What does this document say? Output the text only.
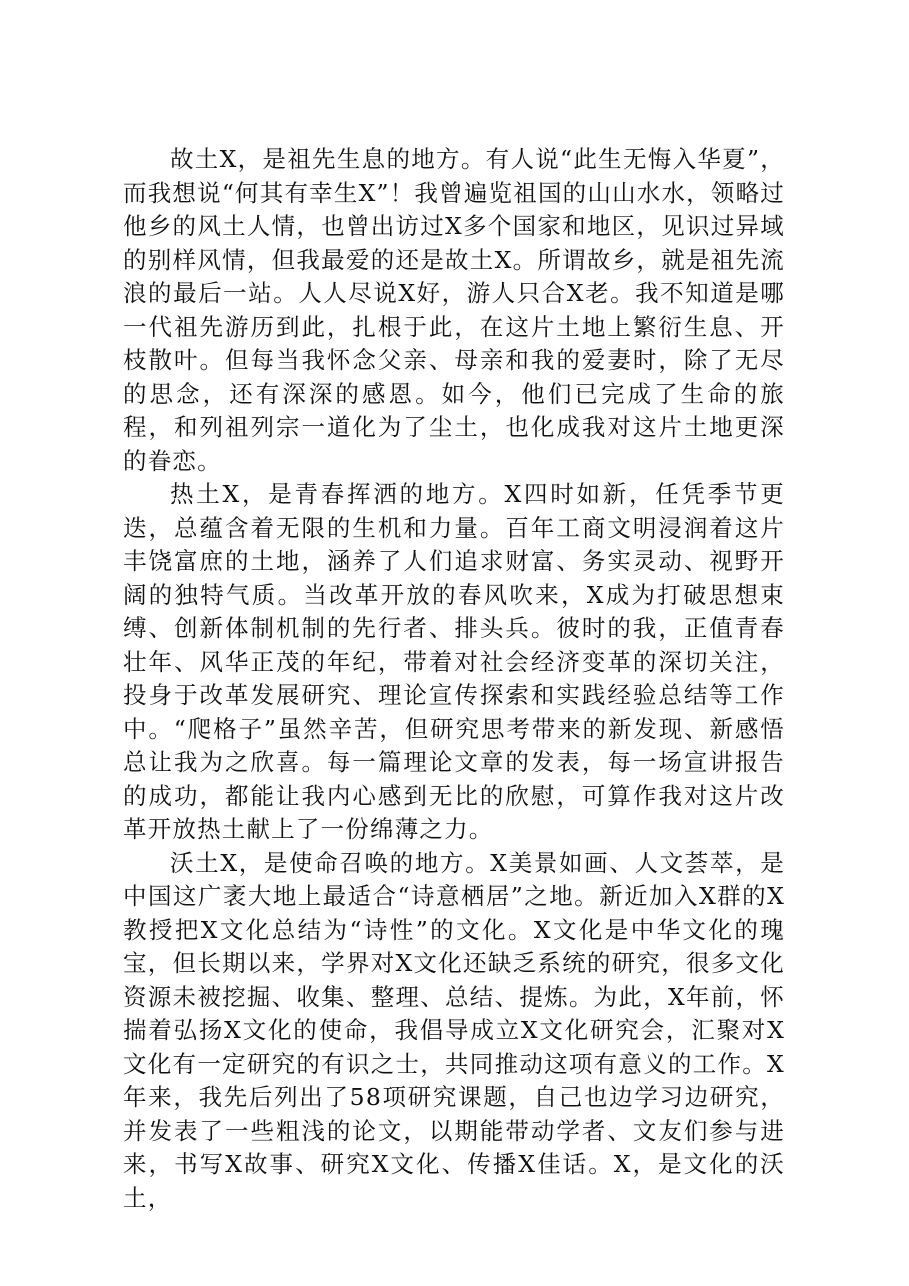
故土X，是祖先生息的地方。有人说“此生无悔入华夏”，而我想说“何其有幸生X”！我曾遍览祖国的山山水水，领略过他乡的风土人情，也曾出访过X多个国家和地区，见识过异域的别样风情，但我最爱的还是故土X。所谓故乡，就是祖先流浪的最后一站。人人尽说X好，游人只合X老。我不知道是哪一代祖先游历到此，扎根于此，在这片土地上繁衍生息、开枝散叶。但每当我怀念父亲、母亲和我的爱妻时，除了无尽的思念，还有深深的感恩。如今，他们已完成了生命的旅程，和列祖列宗一道化为了尘土，也化成我对这片土地更深的眷恋。

热土X，是青春挥洒的地方。X四时如新，任凭季节更迭，总蕴含着无限的生机和力量。百年工商文明浸润着这片丰饶富庶的土地，涵养了人们追求财富、务实灵动、视野开阔的独特气质。当改革开放的春风吹来，X成为打破思想束缚、创新体制机制的先行者、排头兵。彼时的我，正值青春壮年、风华正茂的年纪，带着对社会经济变革的深切关注，投身于改革发展研究、理论宣传探索和实践经验总结等工作中。“爬格子”虽然辛苦，但研究思考带来的新发现、新感悟总让我为之欣喜。每一篇理论文章的发表，每一场宣讲报告的成功，都能让我内心感到无比的欣慰，可算作我对这片改革开放热土献上了一份绵薄之力。

沃土X，是使命召唤的地方。X美景如画、人文荟萃，是中国这广袤大地上最适合“诗意栖居”之地。新近加入X群的X教授把X文化总结为“诗性”的文化。X文化是中华文化的瑰宝，但长期以来，学界对X文化还缺乏系统的研究，很多文化资源未被挖掘、收集、整理、总结、提炼。为此，X年前，怀揣着弘扬X文化的使命，我倡导成立X文化研究会，汇聚对X文化有一定研究的有识之士，共同推动这项有意义的工作。X年来，我先后列出了58项研究课题，自己也边学习边研究，并发表了一些粗浅的论文，以期能带动学者、文友们参与进来，书写X故事、研究X文化、传播X佳话。X，是文化的沃土，
